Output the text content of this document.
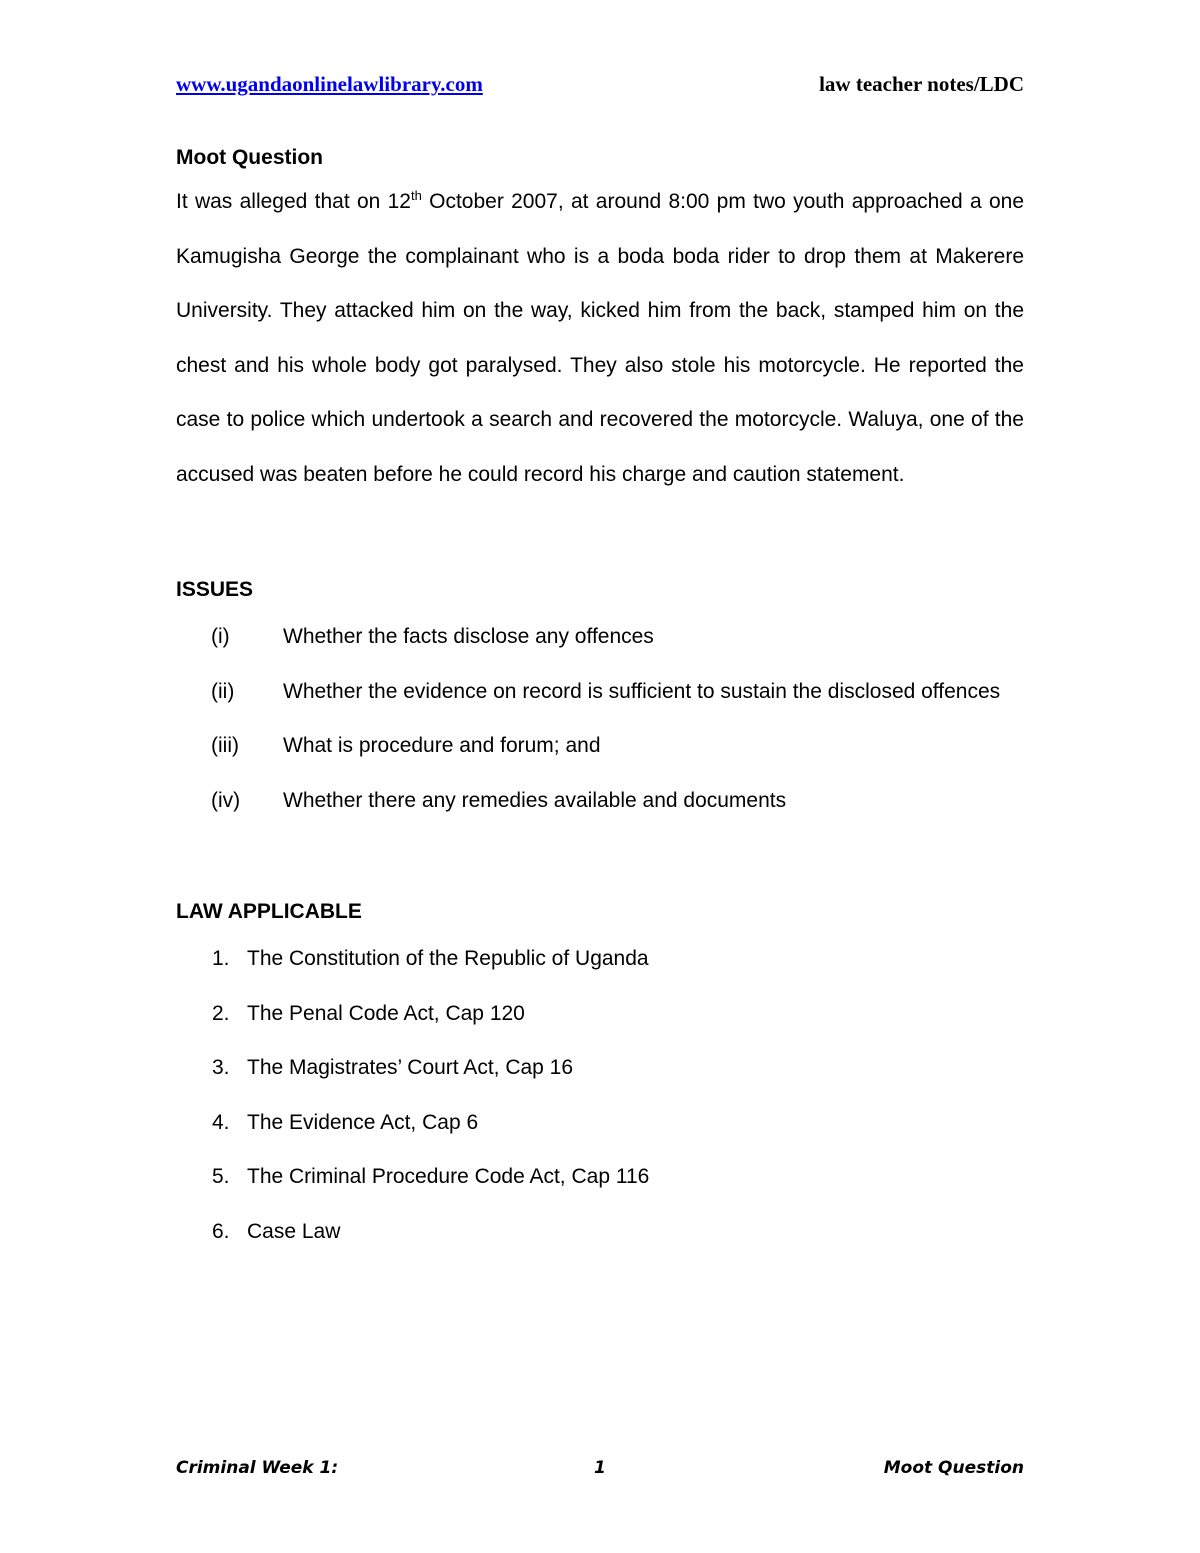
www.ugandaonlinelawlibrary.com	law teacher notes/LDC
Moot Question

It was alleged that on 12th October 2007, at around 8:00 pm two youth approached a one Kamugisha George the complainant who is a boda boda rider to drop them at Makerere University. They attacked him on the way, kicked him from the back, stamped him on the chest and his whole body got paralysed. They also stole his motorcycle. He reported the case to police which undertook a search and recovered the motorcycle. Waluya, one of the accused was beaten before he could record his charge and caution statement.

ISSUES
(i)	Whether the facts disclose any offences
(ii)	Whether the evidence on record is sufficient to sustain the disclosed offences
(iii)	What is procedure and forum; and
(iv)	Whether there any remedies available and documents
LAW APPLICABLE
1. The Constitution of the Republic of Uganda
2. The Penal Code Act, Cap 120
3. The Magistrates’ Court Act, Cap 16
4. The Evidence Act, Cap 6
5. The Criminal Procedure Code Act, Cap 116
6. Case Law
Criminal Week 1:	1	Moot Question
